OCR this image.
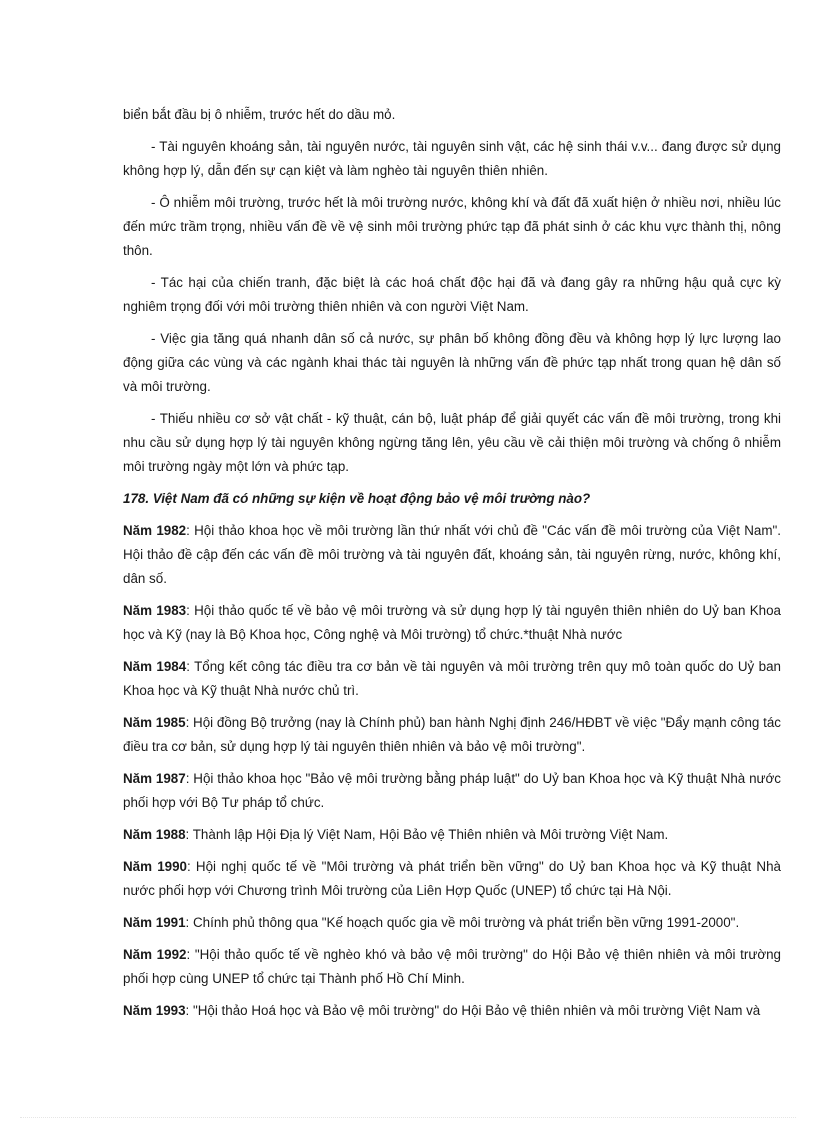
biển bắt đầu bị ô nhiễm, trước hết do dầu mỏ.

- Tài nguyên khoáng sản, tài nguyên nước, tài nguyên sinh vật, các hệ sinh thái v.v... đang được sử dụng không hợp lý, dẫn đến sự cạn kiệt và làm nghèo tài nguyên thiên nhiên.

- Ô nhiễm môi trường, trước hết là môi trường nước, không khí và đất đã xuất hiện ở nhiều nơi, nhiều lúc đến mức trầm trọng, nhiều vấn đề về vệ sinh môi trường phức tạp đã phát sinh ở các khu vực thành thị, nông thôn.

- Tác hại của chiến tranh, đặc biệt là các hoá chất độc hại đã và đang gây ra những hậu quả cực kỳ nghiêm trọng đối với môi trường thiên nhiên và con người Việt Nam.

- Việc gia tăng quá nhanh dân số cả nước, sự phân bố không đồng đều và không hợp lý lực lượng lao động giữa các vùng và các ngành khai thác tài nguyên là những vấn đề phức tạp nhất trong quan hệ dân số và môi trường.

- Thiếu nhiều cơ sở vật chất - kỹ thuật, cán bộ, luật pháp để giải quyết các vấn đề môi trường, trong khi nhu cầu sử dụng hợp lý tài nguyên không ngừng tăng lên, yêu cầu về cải thiện môi trường và chống ô nhiễm môi trường ngày một lớn và phức tạp.

178. Việt Nam đã có những sự kiện về hoạt động bảo vệ môi trường nào?

Năm 1982: Hội thảo khoa học về môi trường lần thứ nhất với chủ đề "Các vấn đề môi trường của Việt Nam". Hội thảo đề cập đến các vấn đề môi trường và tài nguyên đất, khoáng sản, tài nguyên rừng, nước, không khí, dân số.

Năm 1983: Hội thảo quốc tế về bảo vệ môi trường và sử dụng hợp lý tài nguyên thiên nhiên do Uỷ ban Khoa học và Kỹ (nay là Bộ Khoa học, Công nghệ và Môi trường) tổ chức.*thuật Nhà nước

Năm 1984: Tổng kết công tác điều tra cơ bản về tài nguyên và môi trường trên quy mô toàn quốc do Uỷ ban Khoa học và Kỹ thuật Nhà nước chủ trì.

Năm 1985: Hội đồng Bộ trưởng (nay là Chính phủ) ban hành Nghị định 246/HĐBT về việc "Đẩy mạnh công tác điều tra cơ bản, sử dụng hợp lý tài nguyên thiên nhiên và bảo vệ môi trường".

Năm 1987: Hội thảo khoa học "Bảo vệ môi trường bằng pháp luật" do Uỷ ban Khoa học và Kỹ thuật Nhà nước phối hợp với Bộ Tư pháp tổ chức.

Năm 1988: Thành lập Hội Địa lý Việt Nam, Hội Bảo vệ Thiên nhiên và Môi trường Việt Nam.

Năm 1990: Hội nghị quốc tế về "Môi trường và phát triển bền vững" do Uỷ ban Khoa học và Kỹ thuật Nhà nước phối hợp với Chương trình Môi trường của Liên Hợp Quốc (UNEP) tổ chức tại Hà Nội.

Năm 1991: Chính phủ thông qua "Kế hoạch quốc gia về môi trường và phát triển bền vững 1991-2000".

Năm 1992: "Hội thảo quốc tế về nghèo khó và bảo vệ môi trường" do Hội Bảo vệ thiên nhiên và môi trường phối hợp cùng UNEP tổ chức tại Thành phố Hồ Chí Minh.

Năm 1993: "Hội thảo Hoá học và Bảo vệ môi trường" do Hội Bảo vệ thiên nhiên và môi trường Việt Nam và
